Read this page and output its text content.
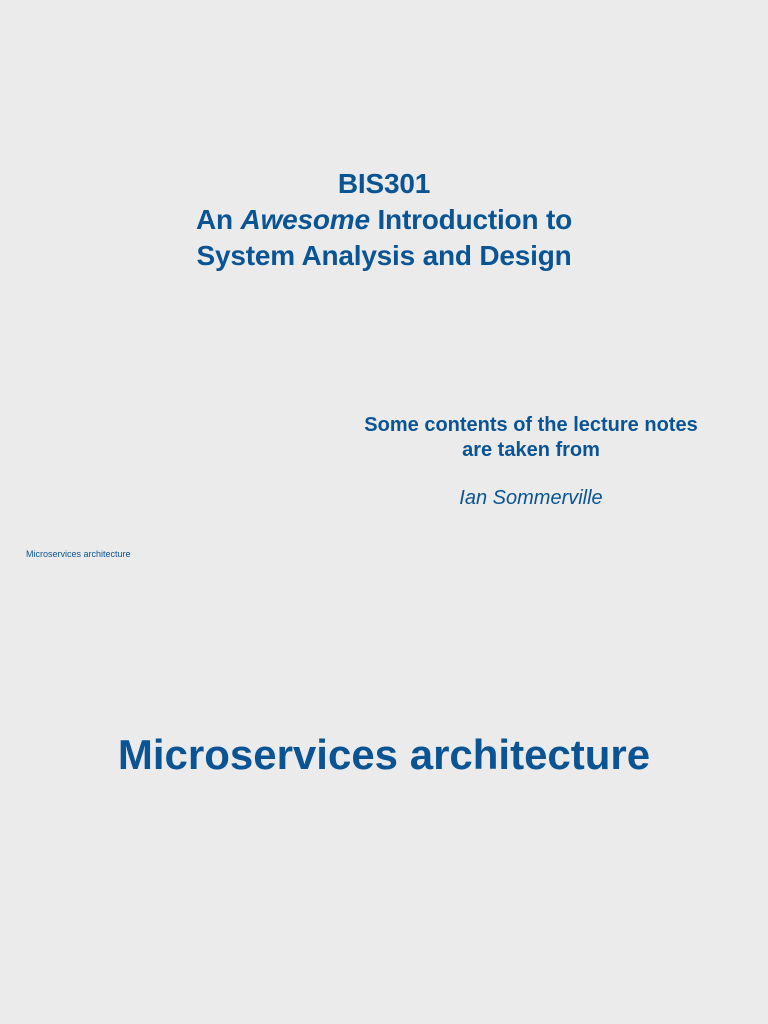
BIS301
An Awesome Introduction to
System Analysis and Design

Some contents of the lecture notes
are taken from

Ian Sommerville

Microservices architecture
Microservices architecture
